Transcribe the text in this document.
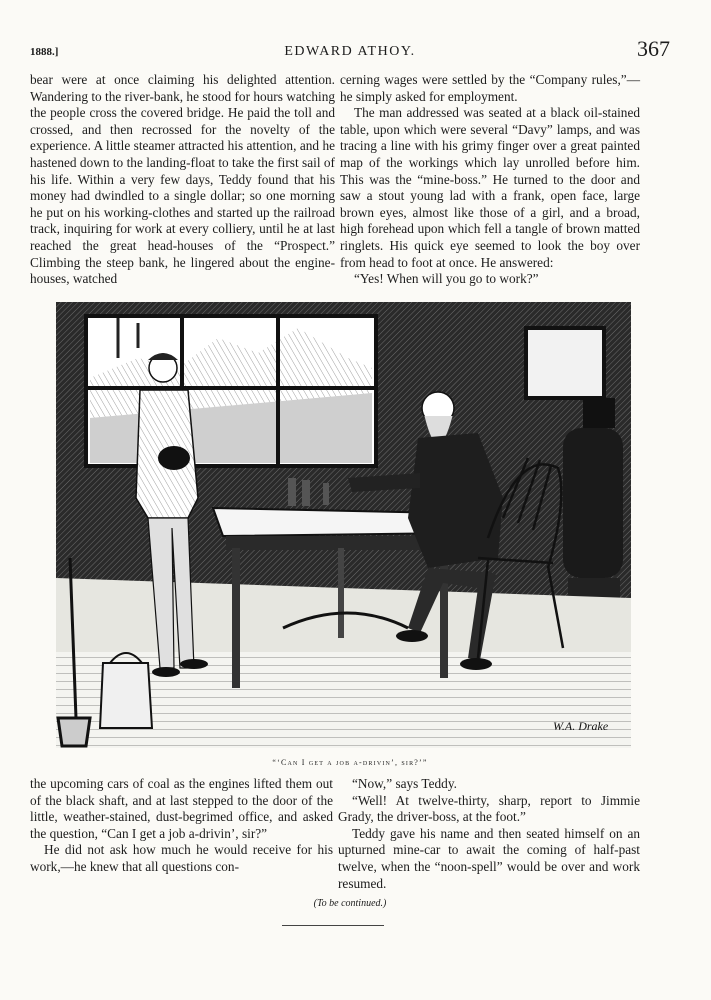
1888.]	EDWARD ATHOY.	367

bear were at once claiming his delighted attention. Wandering to the river-bank, he stood for hours watching the people cross the covered bridge. He paid the toll and crossed, and then recrossed for the novelty of the experience. A little steamer attracted his attention, and he hastened down to the landing-float to take the first sail of his life. Within a very few days, Teddy found that his money had dwindled to a single dollar; so one morning he put on his working-clothes and started up the railroad track, inquiring for work at every colliery, until he at last reached the great head-houses of the “Prospect.” Climbing the steep bank, he lingered about the engine-houses, watched

cerning wages were settled by the “Company rules,”—he simply asked for employment.

The man addressed was seated at a black oil-stained table, upon which were several “Davy” lamps, and was tracing a line with his grimy finger over a great painted map of the workings which lay unrolled before him. This was the “mine-boss.” He turned to the door and saw a stout young lad with a frank, open face, large brown eyes, almost like those of a girl, and a broad, high forehead upon which fell a tangle of brown matted ringlets. His quick eye seemed to look the boy over from head to foot at once. He answered:

“Yes! When will you go to work?”

W.A. Drake
“‘Can I get a job a-drivin’, sir?’”

the upcoming cars of coal as the engines lifted them out of the black shaft, and at last stepped to the door of the little, weather-stained, dust-begrimed office, and asked the question, “Can I get a job a-drivin’, sir?”

He did not ask how much he would receive for his work,—he knew that all questions con-

“Now,” says Teddy.

“Well! At twelve-thirty, sharp, report to Jimmie Grady, the driver-boss, at the foot.”

Teddy gave his name and then seated himself on an upturned mine-car to await the coming of half-past twelve, when the “noon-spell” would be over and work resumed.

(To be continued.)
